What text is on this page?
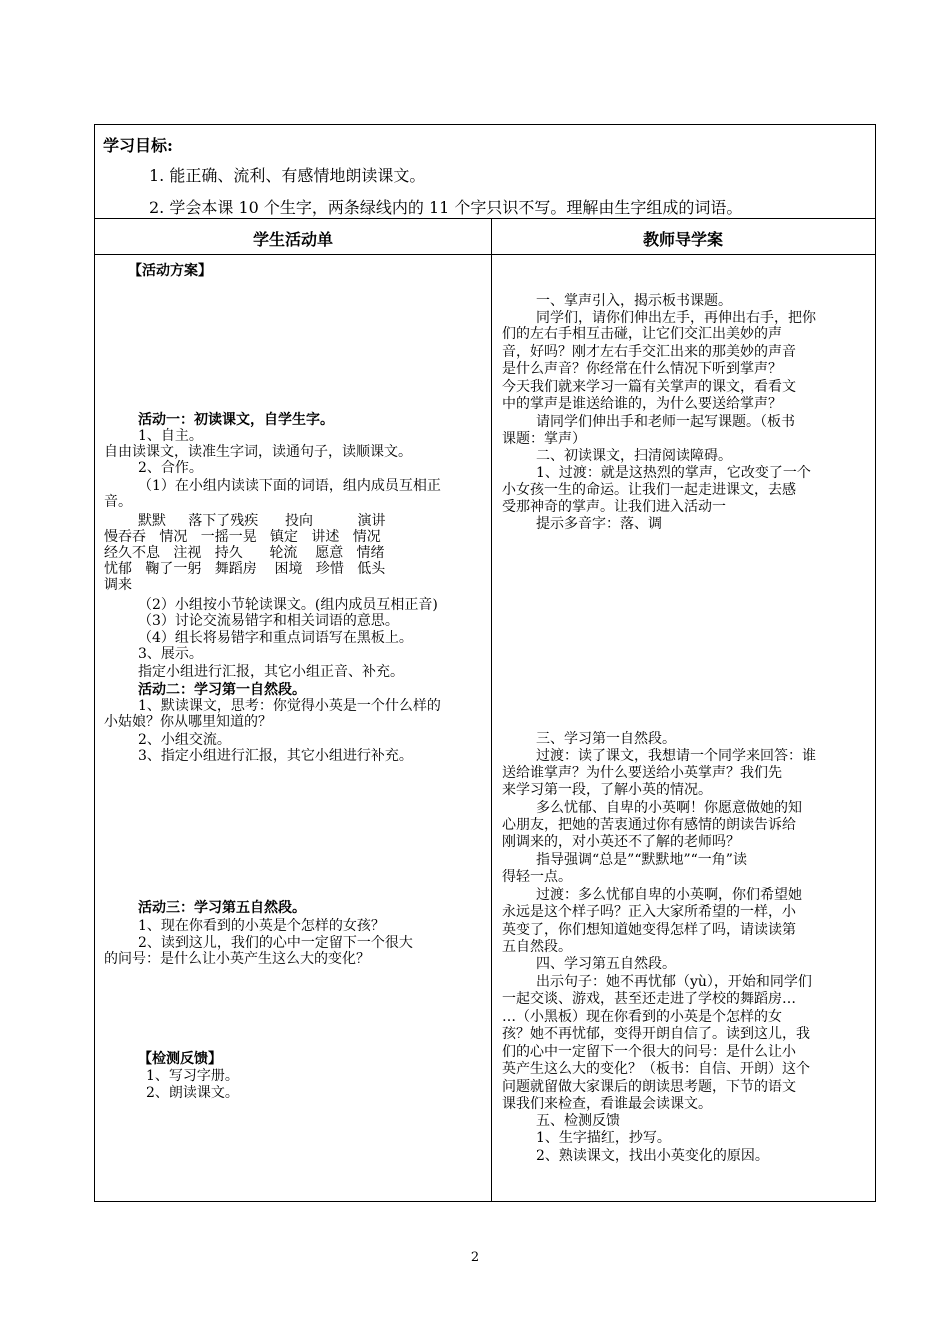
学习目标:
1. 能正确、流利、有感情地朗读课文。
2. 学会本课 10 个生字，两条绿线内的 11 个字只识不写。理解由生字组成的词语。
学生活动单	教师导学案
【活动方案】
活动一：初读课文，自学生字。
1、自主。
自由读课文，读准生字词，读通句子，读顺课文。
2、合作。
（1）在小组内读读下面的词语，组内成员互相正
音。
默默     落下了残疾      投向          演讲
慢吞吞   情况   一摇一晃   镇定   讲述   情况
经久不息   注视   持久      轮流    愿意   情绪
忧郁   鞠了一躬   舞蹈房    困境   珍惜   低头
调来
（2）小组按小节轮读课文。(组内成员互相正音)
（3）讨论交流易错字和相关词语的意思。
（4）组长将易错字和重点词语写在黑板上。
3、展示。
指定小组进行汇报，其它小组正音、补充。
活动二：学习第一自然段。
1、默读课文，思考：你觉得小英是一个什么样的
小姑娘？你从哪里知道的？
2、小组交流。
3、指定小组进行汇报，其它小组进行补充。
活动三：学习第五自然段。
1、现在你看到的小英是个怎样的女孩？
2、读到这儿，我们的心中一定留下一个很大
的问号：是什么让小英产生这么大的变化？
【检测反馈】
1、写习字册。
2、朗读课文。
一、掌声引入，揭示板书课题。
同学们，请你们伸出左手，再伸出右手，把你
们的左右手相互击碰，让它们交汇出美妙的声
音，好吗？刚才左右手交汇出来的那美妙的声音
是什么声音？你经常在什么情况下听到掌声？
今天我们就来学习一篇有关掌声的课文，看看文
中的掌声是谁送给谁的，为什么要送给掌声？
请同学们伸出手和老师一起写课题。（板书
课题：掌声）
二、初读课文，扫清阅读障碍。
1、过渡：就是这热烈的掌声，它改变了一个
小女孩一生的命运。让我们一起走进课文，去感
受那神奇的掌声。让我们进入活动一
提示多音字：落、调
三、学习第一自然段。
过渡：读了课文，我想请一个同学来回答：谁
送给谁掌声？为什么要送给小英掌声？我们先
来学习第一段，了解小英的情况。
多么忧郁、自卑的小英啊！你愿意做她的知
心朋友，把她的苦衷通过你有感情的朗读告诉给
刚调来的，对小英还不了解的老师吗？
指导强调“总是”“默默地”“一角”读
得轻一点。
过渡：多么忧郁自卑的小英啊，你们希望她
永远是这个样子吗？正入大家所希望的一样，小
英变了，你们想知道她变得怎样了吗，请读读第
五自然段。
四、学习第五自然段。
出示句子：她不再忧郁（yù），开始和同学们
一起交谈、游戏，甚至还走进了学校的舞蹈房…
…（小黑板）现在你看到的小英是个怎样的女
孩？她不再忧郁，变得开朗自信了。读到这儿，我
们的心中一定留下一个很大的问号：是什么让小
英产生这么大的变化？（板书：自信、开朗）这个
问题就留做大家课后的朗读思考题，下节的语文
课我们来检查，看谁最会读课文。
五、检测反馈
1、生字描红，抄写。
2、熟读课文，找出小英变化的原因。
2
